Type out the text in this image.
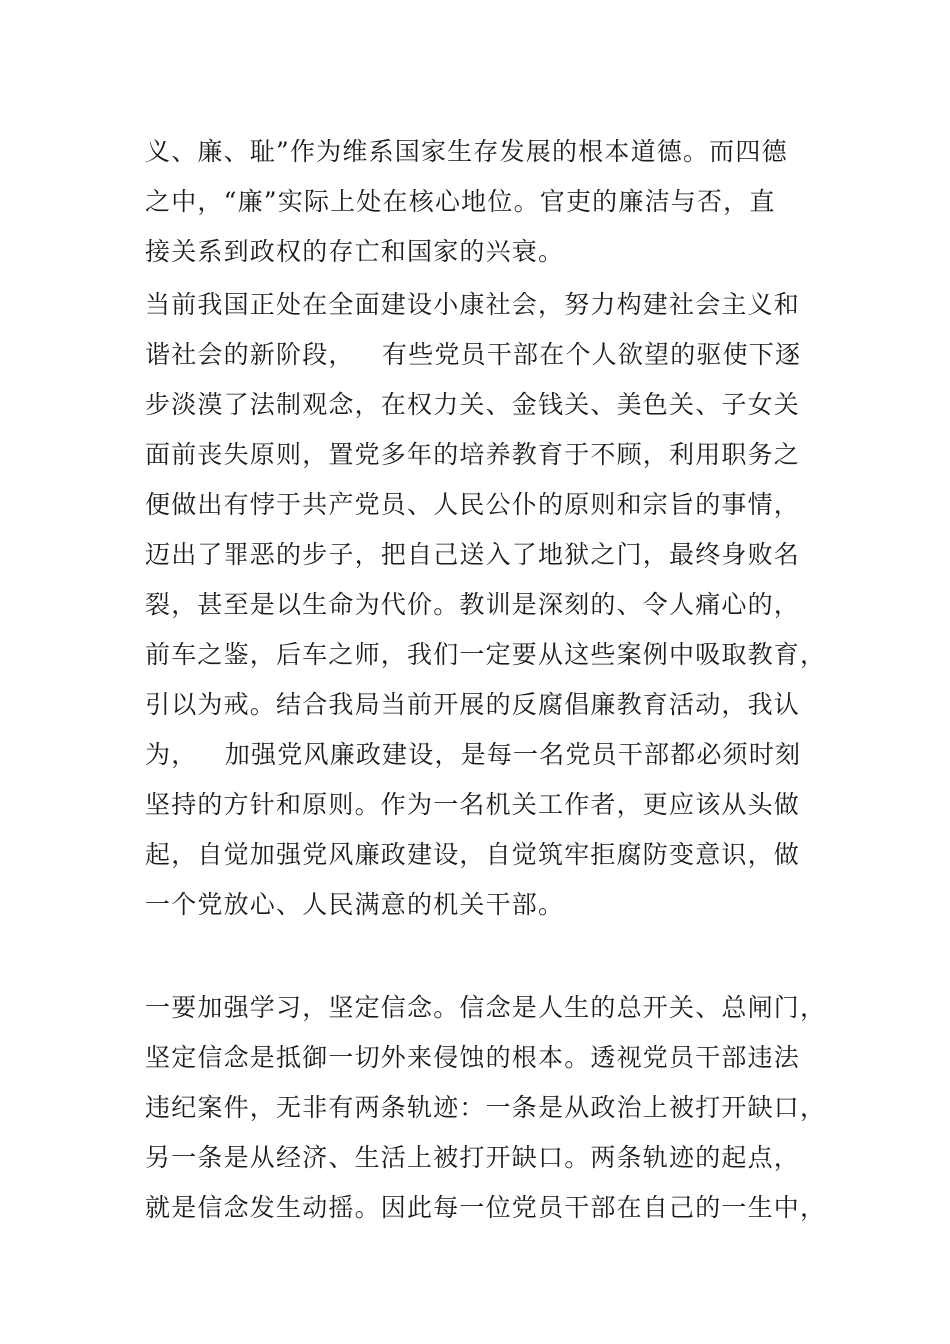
义、廉、耻”作为维系国家生存发展的根本道德。而四德
之中，“廉”实际上处在核心地位。官吏的廉洁与否，直
接关系到政权的存亡和国家的兴衰。
当前我国正处在全面建设小康社会，努力构建社会主义和
谐社会的新阶段，   有些党员干部在个人欲望的驱使下逐
步淡漠了法制观念，在权力关、金钱关、美色关、子女关
面前丧失原则，置党多年的培养教育于不顾，利用职务之
便做出有悖于共产党员、人民公仆的原则和宗旨的事情，
迈出了罪恶的步子，把自己送入了地狱之门，最终身败名
裂，甚至是以生命为代价。教训是深刻的、令人痛心的，
前车之鉴，后车之师，我们一定要从这些案例中吸取教育，
引以为戒。结合我局当前开展的反腐倡廉教育活动，我认
为，   加强党风廉政建设，是每一名党员干部都必须时刻
坚持的方针和原则。作为一名机关工作者，更应该从头做
起，自觉加强党风廉政建设，自觉筑牢拒腐防变意识，做
一个党放心、人民满意的机关干部。
一要加强学习，坚定信念。信念是人生的总开关、总闸门，
坚定信念是抵御一切外来侵蚀的根本。透视党员干部违法
违纪案件，无非有两条轨迹：一条是从政治上被打开缺口，
另一条是从经济、生活上被打开缺口。两条轨迹的起点，
就是信念发生动摇。因此每一位党员干部在自己的一生中，
